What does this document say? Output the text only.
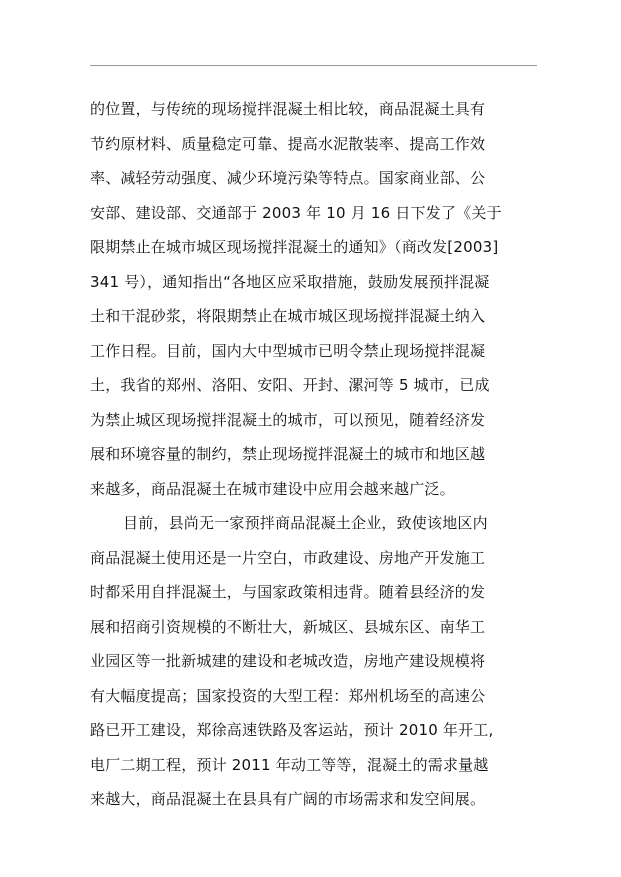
的位置，与传统的现场搅拌混凝土相比较，商品混凝土具有
节约原材料、质量稳定可靠、提高水泥散装率、提高工作效
率、减轻劳动强度、减少环境污染等特点。国家商业部、公
安部、建设部、交通部于 2003 年 10 月 16 日下发了《关于
限期禁止在城市城区现场搅拌混凝土的通知》（商改发[2003]
341 号），通知指出“各地区应采取措施，鼓励发展预拌混凝
土和干混砂浆，将限期禁止在城市城区现场搅拌混凝土纳入
工作日程。目前，国内大中型城市已明令禁止现场搅拌混凝
土，我省的郑州、洛阳、安阳、开封、漯河等 5 城市，已成
为禁止城区现场搅拌混凝土的城市，可以预见，随着经济发
展和环境容量的制约，禁止现场搅拌混凝土的城市和地区越
来越多，商品混凝土在城市建设中应用会越来越广泛。
目前，县尚无一家预拌商品混凝土企业，致使该地区内
商品混凝土使用还是一片空白，市政建设、房地产开发施工
时都采用自拌混凝土，与国家政策相违背。随着县经济的发
展和招商引资规模的不断壮大，新城区、县城东区、南华工
业园区等一批新城建的建设和老城改造，房地产建设规模将
有大幅度提高；国家投资的大型工程：郑州机场至的高速公
路已开工建设，郑徐高速铁路及客运站，预计 2010 年开工,
电厂二期工程，预计 2011 年动工等等，混凝土的需求量越
来越大，商品混凝土在县具有广阔的市场需求和发空间展。
